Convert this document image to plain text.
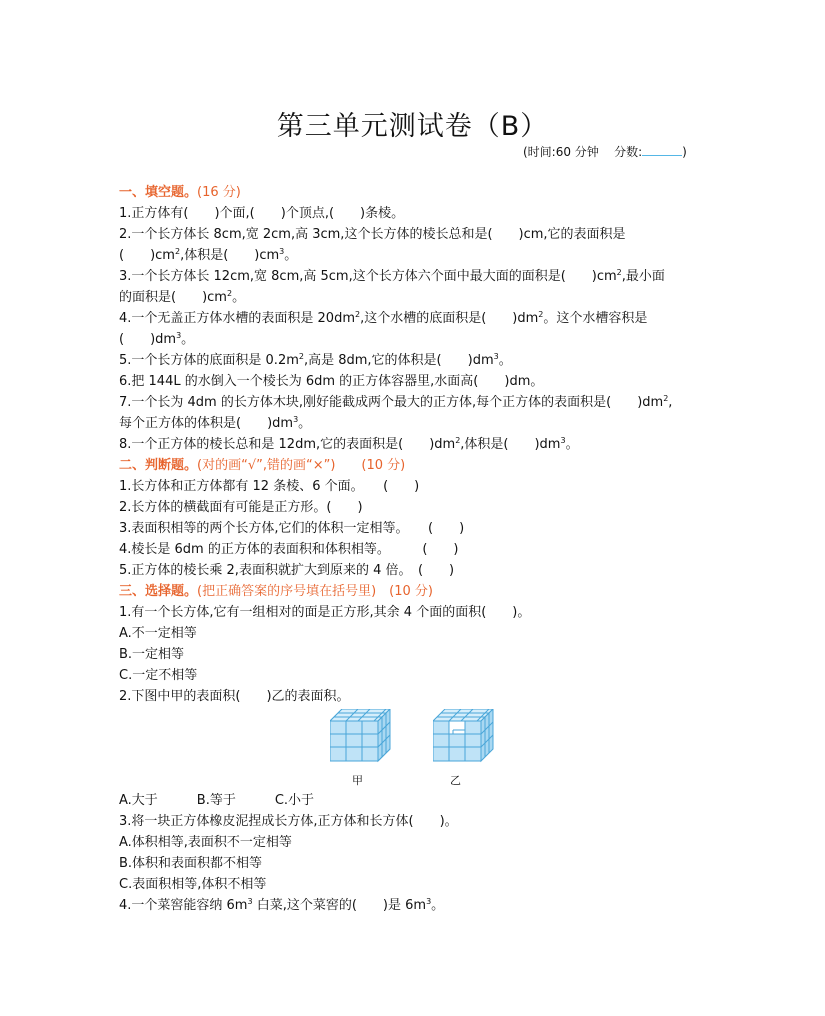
第三单元测试卷（B）
(时间:60 分钟 分数:	)
一、填空题。(16 分)
1.正方体有(　　)个面,(　　)个顶点,(　　)条棱。
2.一个长方体长 8cm,宽 2cm,高 3cm,这个长方体的棱长总和是(　　)cm,它的表面积是
(　　)$cm^2$,体积是(　　)$cm^3$。
3.一个长方体长 12cm,宽 8cm,高 5cm,这个长方体六个面中最大面的面积是(　　)$cm^2$,最小面
的面积是(　　)$cm^2$。
4.一个无盖正方体水槽的表面积是 $20dm^2$,这个水槽的底面积是(　　)$dm^2$。这个水槽容积是
(　　)$dm^3$。
5.一个长方体的底面积是 $0.2m^2$,高是 8dm,它的体积是(　　)$dm^3$。
6.把 144L 的水倒入一个棱长为 6dm 的正方体容器里,水面高(　　)dm。
7.一个长为 4dm 的长方体木块,刚好能截成两个最大的正方体,每个正方体的表面积是(　　)$dm^2$,
每个正方体的体积是(　　)$dm^3$。
8.一个正方体的棱长总和是 12dm,它的表面积是(　　)$dm^2$,体积是(　　)$dm^3$。
二、判断题。(对的画“√”,错的画“×”)　　(10 分)
1.长方体和正方体都有 12 条棱、6 个面。　　(　　)
2.长方体的横截面有可能是正方形。(　　)
3.表面积相等的两个长方体,它们的体积一定相等。　　(　　)
4.棱长是 6dm 的正方体的表面积和体积相等。　　　(　　)
5.正方体的棱长乘 2,表面积就扩大到原来的 4 倍。　(　　)
三、选择题。(把正确答案的序号填在括号里)　(10 分)
1.有一个长方体,它有一组相对的面是正方形,其余 4 个面的面积(　　)。
A.不一定相等
B.一定相等
C.一定不相等
2.下图中甲的表面积(　　)乙的表面积。
甲	乙
A.大于　　　B.等于　　　C.小于
3.将一块正方体橡皮泥捏成长方体,正方体和长方体(　　)。
A.体积相等,表面积不一定相等
B.体积和表面积都不相等
C.表面积相等,体积不相等
4.一个菜窖能容纳 $6m^3$ 白菜,这个菜窖的(　　)是 $6m^3$。
